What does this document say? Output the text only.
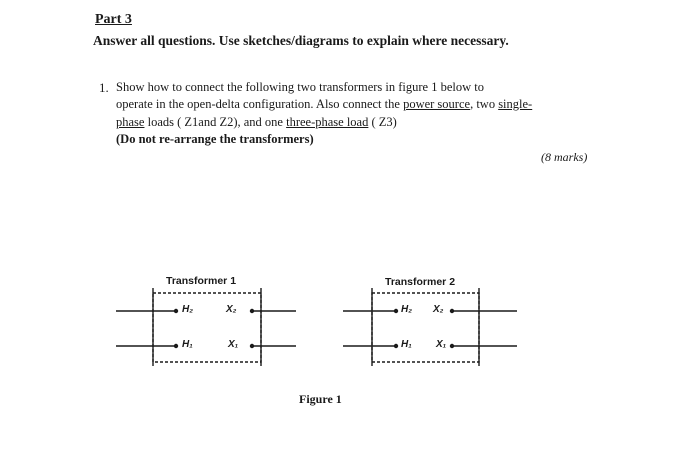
Part 3
Answer all questions. Use sketches/diagrams to explain where necessary.
1. Show how to connect the following two transformers in figure 1 below to
operate in the open-delta configuration. Also connect the power source, two single-
phase loads ( Z1and Z2), and one three-phase load ( Z3)
(Do not re-arrange the transformers)
(8 marks)
Transformer 1	Transformer 2
H₂	X₂
H₁	X₁
H₂ X₂
H₁ X₁
Figure 1
